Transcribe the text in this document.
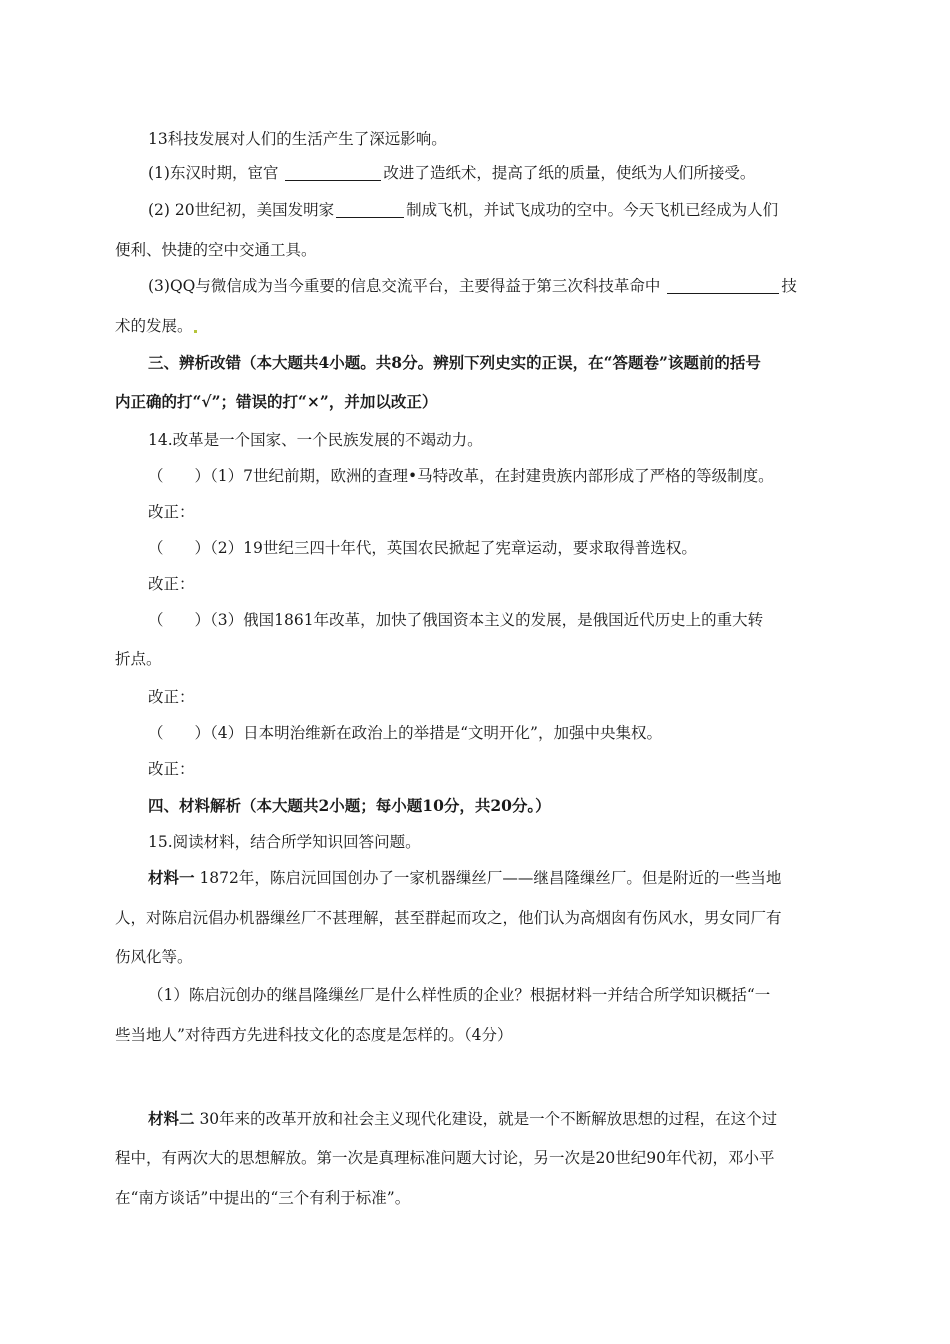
13科技发展对人们的生活产生了深远影响。
(1)东汉时期，宦官	改进了造纸术，提高了纸的质量，使纸为人们所接受。
(2) 20世纪初，美国发明家	制成飞机，并试飞成功的空中。今天飞机已经成为人们
便利、快捷的空中交通工具。
(3)QQ与微信成为当今重要的信息交流平台，主要得益于第三次科技革命中	技
术的发展。
三、辨析改错（本大题共4小题。共8分。辨别下列史实的正误，在“答题卷”该题前的括号
内正确的打“√”；错误的打“×”，并加以改正）
14.改革是一个国家、一个民族发展的不竭动力。
（　　）（1）7世纪前期，欧洲的查理•马特改革，在封建贵族内部形成了严格的等级制度。
改正：
（　　）（2）19世纪三四十年代，英国农民掀起了宪章运动，要求取得普选权。
改正：
（　　）（3）俄国1861年改革，加快了俄国资本主义的发展，是俄国近代历史上的重大转
折点。
改正：
（　　）（4）日本明治维新在政治上的举措是“文明开化”，加强中央集权。
改正：
四、材料解析（本大题共2小题；每小题10分，共20分。）
15.阅读材料，结合所学知识回答问题。
材料一 1872年，陈启沅回国创办了一家机器缫丝厂——继昌隆缫丝厂。但是附近的一些当地
人，对陈启沅倡办机器缫丝厂不甚理解，甚至群起而攻之，他们认为高烟囱有伤风水，男女同厂有
伤风化等。
（1）陈启沅创办的继昌隆缫丝厂是什么样性质的企业？根据材料一并结合所学知识概括“一
些当地人”对待西方先进科技文化的态度是怎样的。（4分）
材料二 30年来的改革开放和社会主义现代化建设，就是一个不断解放思想的过程，在这个过
程中，有两次大的思想解放。第一次是真理标准问题大讨论，另一次是20世纪90年代初，邓小平
在“南方谈话”中提出的“三个有利于标准”。
